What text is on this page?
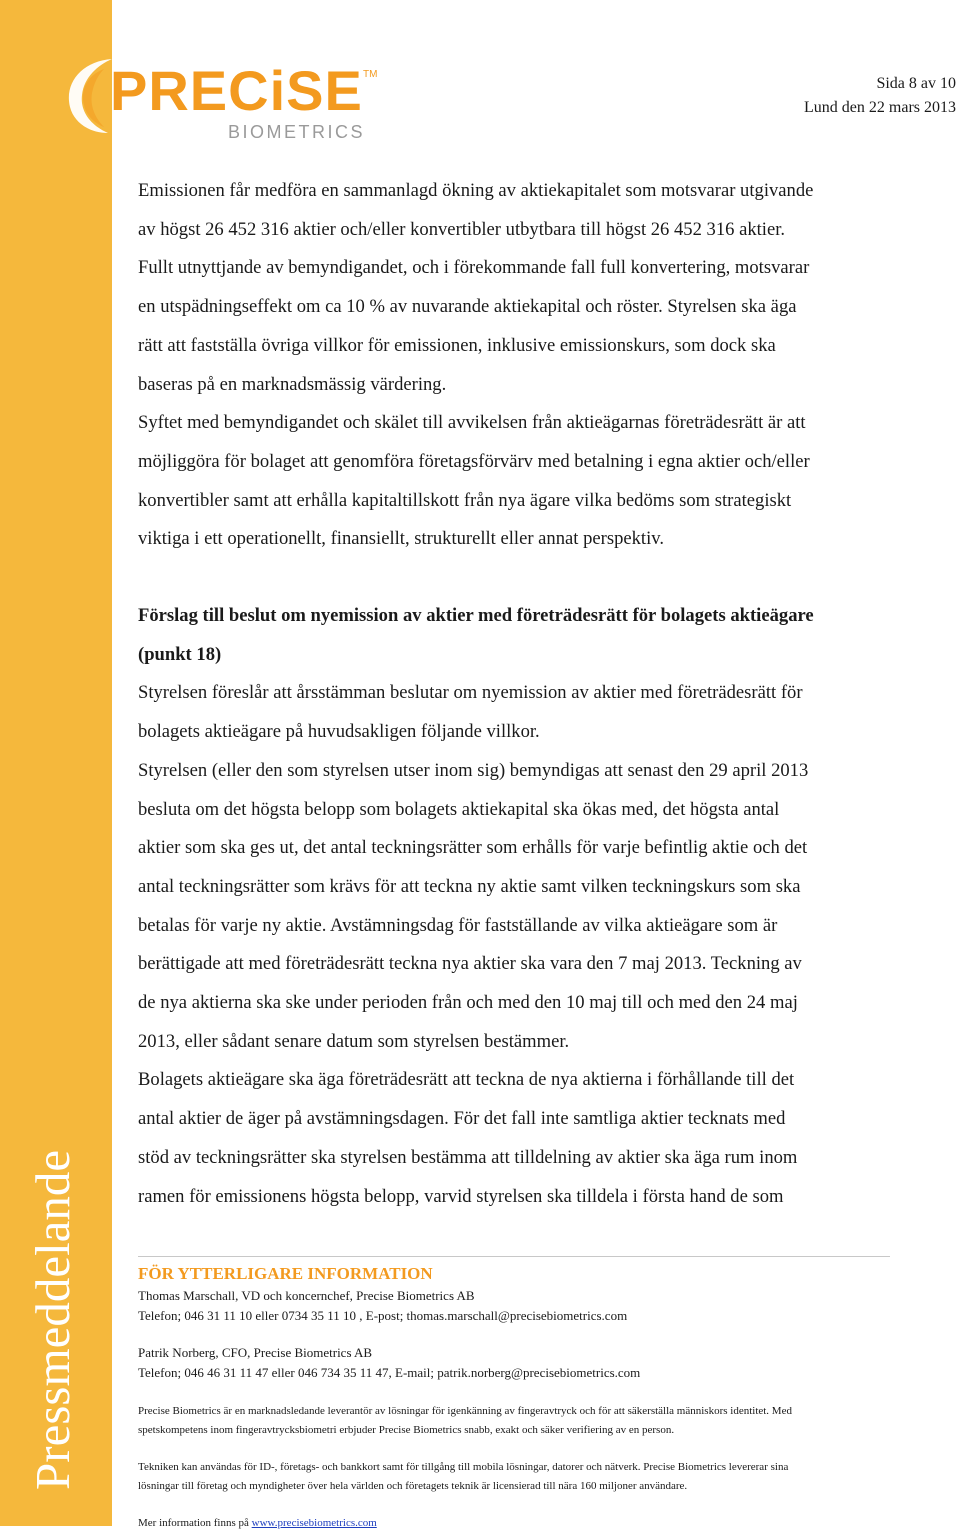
PRECiSE TM
BIOMETRICS
Sida 8 av 10
Lund den 22 mars 2013

Emissionen får medföra en sammanlagd ökning av aktiekapitalet som motsvarar utgivande
av högst 26 452 316 aktier och/eller konvertibler utbytbara till högst 26 452 316 aktier.
Fullt utnyttjande av bemyndigandet, och i förekommande fall full konvertering, motsvarar
en utspädningseffekt om ca 10 % av nuvarande aktiekapital och röster. Styrelsen ska äga
rätt att fastställa övriga villkor för emissionen, inklusive emissionskurs, som dock ska
baseras på en marknadsmässig värdering.

Syftet med bemyndigandet och skälet till avvikelsen från aktieägarnas företrädesrätt är att
möjliggöra för bolaget att genomföra företagsförvärv med betalning i egna aktier och/eller
konvertibler samt att erhålla kapitaltillskott från nya ägare vilka bedöms som strategiskt
viktiga i ett operationellt, finansiellt, strukturellt eller annat perspektiv.

Förslag till beslut om nyemission av aktier med företrädesrätt för bolagets aktieägare
(punkt 18)

Styrelsen föreslår att årsstämman beslutar om nyemission av aktier med företrädesrätt för
bolagets aktieägare på huvudsakligen följande villkor.

Styrelsen (eller den som styrelsen utser inom sig) bemyndigas att senast den 29 april 2013
besluta om det högsta belopp som bolagets aktiekapital ska ökas med, det högsta antal
aktier som ska ges ut, det antal teckningsrätter som erhålls för varje befintlig aktie och det
antal teckningsrätter som krävs för att teckna ny aktie samt vilken teckningskurs som ska
betalas för varje ny aktie. Avstämningsdag för fastställande av vilka aktieägare som är
berättigade att med företrädesrätt teckna nya aktier ska vara den 7 maj 2013. Teckning av
de nya aktierna ska ske under perioden från och med den 10 maj till och med den 24 maj
2013, eller sådant senare datum som styrelsen bestämmer.

Bolagets aktieägare ska äga företrädesrätt att teckna de nya aktierna i förhållande till det
antal aktier de äger på avstämningsdagen. För det fall inte samtliga aktier tecknats med
stöd av teckningsrätter ska styrelsen bestämma att tilldelning av aktier ska äga rum inom
ramen för emissionens högsta belopp, varvid styrelsen ska tilldela i första hand de som

Pressmeddelande	FÖR YTTERLIGARE INFORMATION
Thomas Marschall, VD och koncernchef, Precise Biometrics AB
Telefon; 046 31 11 10 eller 0734 35 11 10 , E-post; thomas.marschall@precisebiometrics.com
Patrik Norberg, CFO, Precise Biometrics AB
Telefon; 046 46 31 11 47 eller 046 734 35 11 47, E-mail; patrik.norberg@precisebiometrics.com
Precise Biometrics är en marknadsledande leverantör av lösningar för igenkänning av fingeravtryck och för att säkerställa människors identitet. Med
spetskompetens inom fingeravtrycksbiometri erbjuder Precise Biometrics snabb, exakt och säker verifiering av en person.
Tekniken kan användas för ID-, företags- och bankkort samt för tillgång till mobila lösningar, datorer och nätverk. Precise Biometrics levererar sina
lösningar till företag och myndigheter över hela världen och företagets teknik är licensierad till nära 160 miljoner användare.
Mer information finns på www.precisebiometrics.com
